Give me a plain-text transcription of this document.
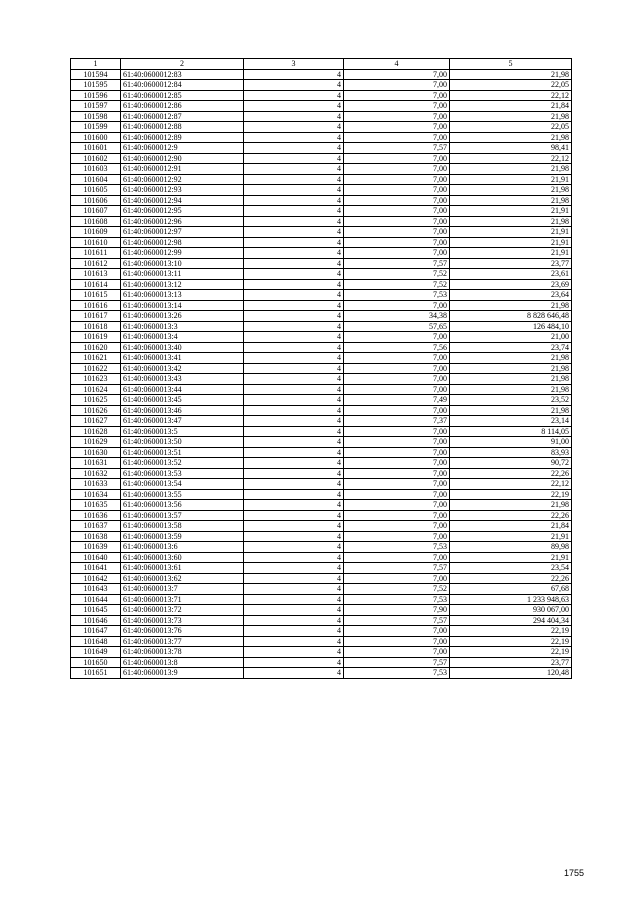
1	2	3	4	5
101594	61:40:0600012:83	4	7,00	21,98
101595	61:40:0600012:84	4	7,00	22,05
101596	61:40:0600012:85	4	7,00	22,12
101597	61:40:0600012:86	4	7,00	21,84
101598	61:40:0600012:87	4	7,00	21,98
101599	61:40:0600012:88	4	7,00	22,05
101600	61:40:0600012:89	4	7,00	21,98
101601	61:40:0600012:9	4	7,57	98,41
101602	61:40:0600012:90	4	7,00	22,12
101603	61:40:0600012:91	4	7,00	21,98
101604	61:40:0600012:92	4	7,00	21,91
101605	61:40:0600012:93	4	7,00	21,98
101606	61:40:0600012:94	4	7,00	21,98
101607	61:40:0600012:95	4	7,00	21,91
101608	61:40:0600012:96	4	7,00	21,98
101609	61:40:0600012:97	4	7,00	21,91
101610	61:40:0600012:98	4	7,00	21,91
101611	61:40:0600012:99	4	7,00	21,91
101612	61:40:0600013:10	4	7,57	23,77
101613	61:40:0600013:11	4	7,52	23,61
101614	61:40:0600013:12	4	7,52	23,69
101615	61:40:0600013:13	4	7,53	23,64
101616	61:40:0600013:14	4	7,00	21,98
101617	61:40:0600013:26	4	34,38	8 828 646,48
101618	61:40:0600013:3	4	57,65	126 484,10
101619	61:40:0600013:4	4	7,00	21,00
101620	61:40:0600013:40	4	7,56	23,74
101621	61:40:0600013:41	4	7,00	21,98
101622	61:40:0600013:42	4	7,00	21,98
101623	61:40:0600013:43	4	7,00	21,98
101624	61:40:0600013:44	4	7,00	21,98
101625	61:40:0600013:45	4	7,49	23,52
101626	61:40:0600013:46	4	7,00	21,98
101627	61:40:0600013:47	4	7,37	23,14
101628	61:40:0600013:5	4	7,00	8 114,05
101629	61:40:0600013:50	4	7,00	91,00
101630	61:40:0600013:51	4	7,00	83,93
101631	61:40:0600013:52	4	7,00	90,72
101632	61:40:0600013:53	4	7,00	22,26
101633	61:40:0600013:54	4	7,00	22,12
101634	61:40:0600013:55	4	7,00	22,19
101635	61:40:0600013:56	4	7,00	21,98
101636	61:40:0600013:57	4	7,00	22,26
101637	61:40:0600013:58	4	7,00	21,84
101638	61:40:0600013:59	4	7,00	21,91
101639	61:40:0600013:6	4	7,53	89,98
101640	61:40:0600013:60	4	7,00	21,91
101641	61:40:0600013:61	4	7,57	23,54
101642	61:40:0600013:62	4	7,00	22,26
101643	61:40:0600013:7	4	7,52	67,68
101644	61:40:0600013:71	4	7,53	1 233 948,63
101645	61:40:0600013:72	4	7,90	930 067,00
101646	61:40:0600013:73	4	7,57	294 404,34
101647	61:40:0600013:76	4	7,00	22,19
101648	61:40:0600013:77	4	7,00	22,19
101649	61:40:0600013:78	4	7,00	22,19
101650	61:40:0600013:8	4	7,57	23,77
101651	61:40:0600013:9	4	7,53	120,48
1755
